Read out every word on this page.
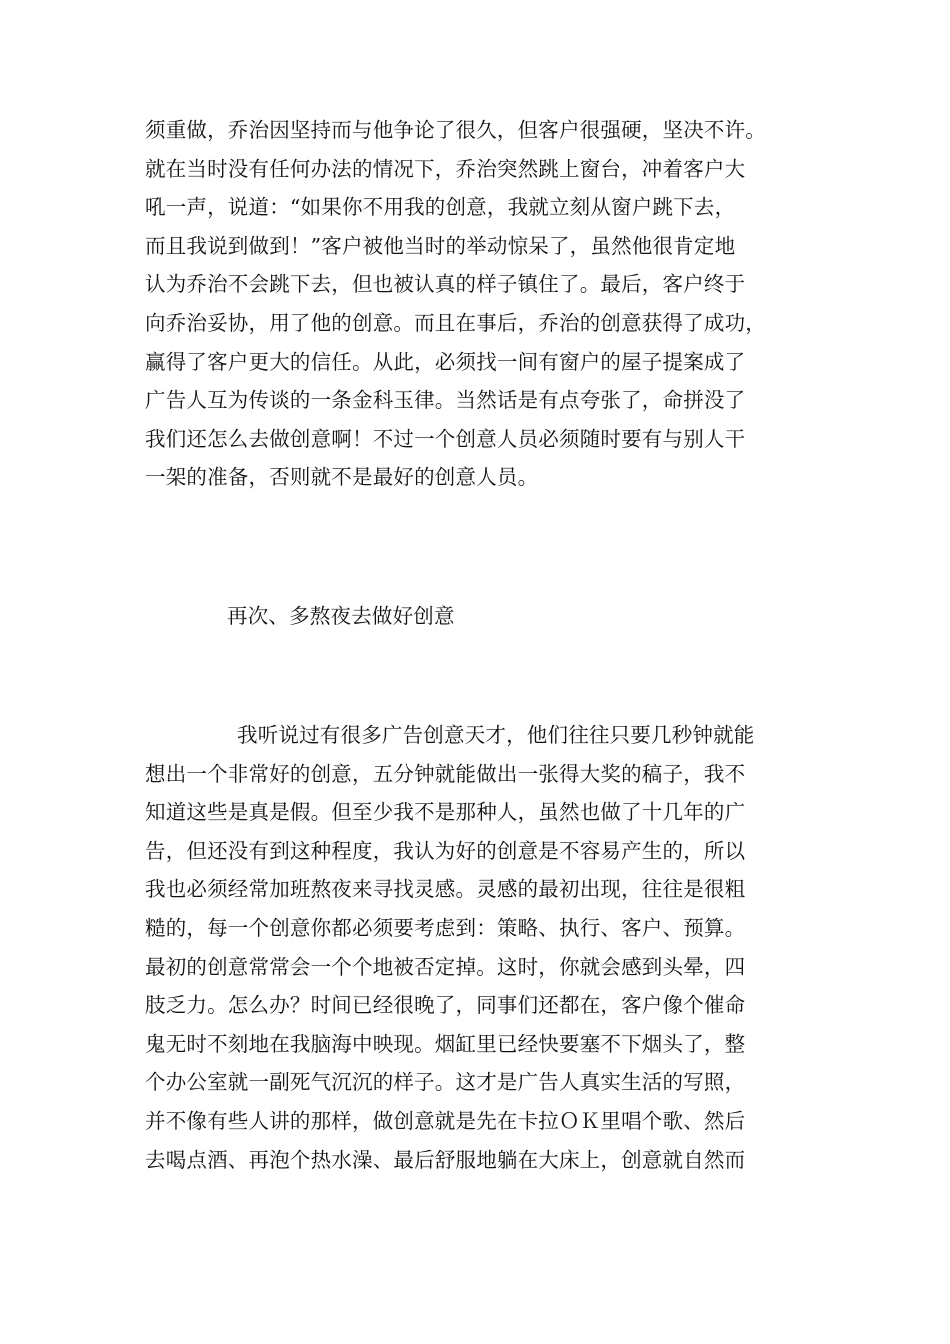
须重做，乔治因坚持而与他争论了很久，但客户很强硬，坚决不许。
就在当时没有任何办法的情况下，乔治突然跳上窗台，冲着客户大
吼一声，说道：“如果你不用我的创意，我就立刻从窗户跳下去，
而且我说到做到！”客户被他当时的举动惊呆了，虽然他很肯定地
认为乔治不会跳下去，但也被认真的样子镇住了。最后，客户终于
向乔治妥协，用了他的创意。而且在事后，乔治的创意获得了成功，
赢得了客户更大的信任。从此，必须找一间有窗户的屋子提案成了
广告人互为传谈的一条金科玉律。当然话是有点夸张了，命拼没了
我们还怎么去做创意啊！不过一个创意人员必须随时要有与别人干
一架的准备，否则就不是最好的创意人员。
再次、多熬夜去做好创意
我听说过有很多广告创意天才，他们往往只要几秒钟就能
想出一个非常好的创意，五分钟就能做出一张得大奖的稿子，我不
知道这些是真是假。但至少我不是那种人，虽然也做了十几年的广
告，但还没有到这种程度，我认为好的创意是不容易产生的，所以
我也必须经常加班熬夜来寻找灵感。灵感的最初出现，往往是很粗
糙的，每一个创意你都必须要考虑到：策略、执行、客户、预算。
最初的创意常常会一个个地被否定掉。这时，你就会感到头晕，四
肢乏力。怎么办？时间已经很晚了，同事们还都在，客户像个催命
鬼无时不刻地在我脑海中映现。烟缸里已经快要塞不下烟头了，整
个办公室就一副死气沉沉的样子。这才是广告人真实生活的写照，
并不像有些人讲的那样，做创意就是先在卡拉ＯＫ里唱个歌、然后
去喝点酒、再泡个热水澡、最后舒服地躺在大床上，创意就自然而
